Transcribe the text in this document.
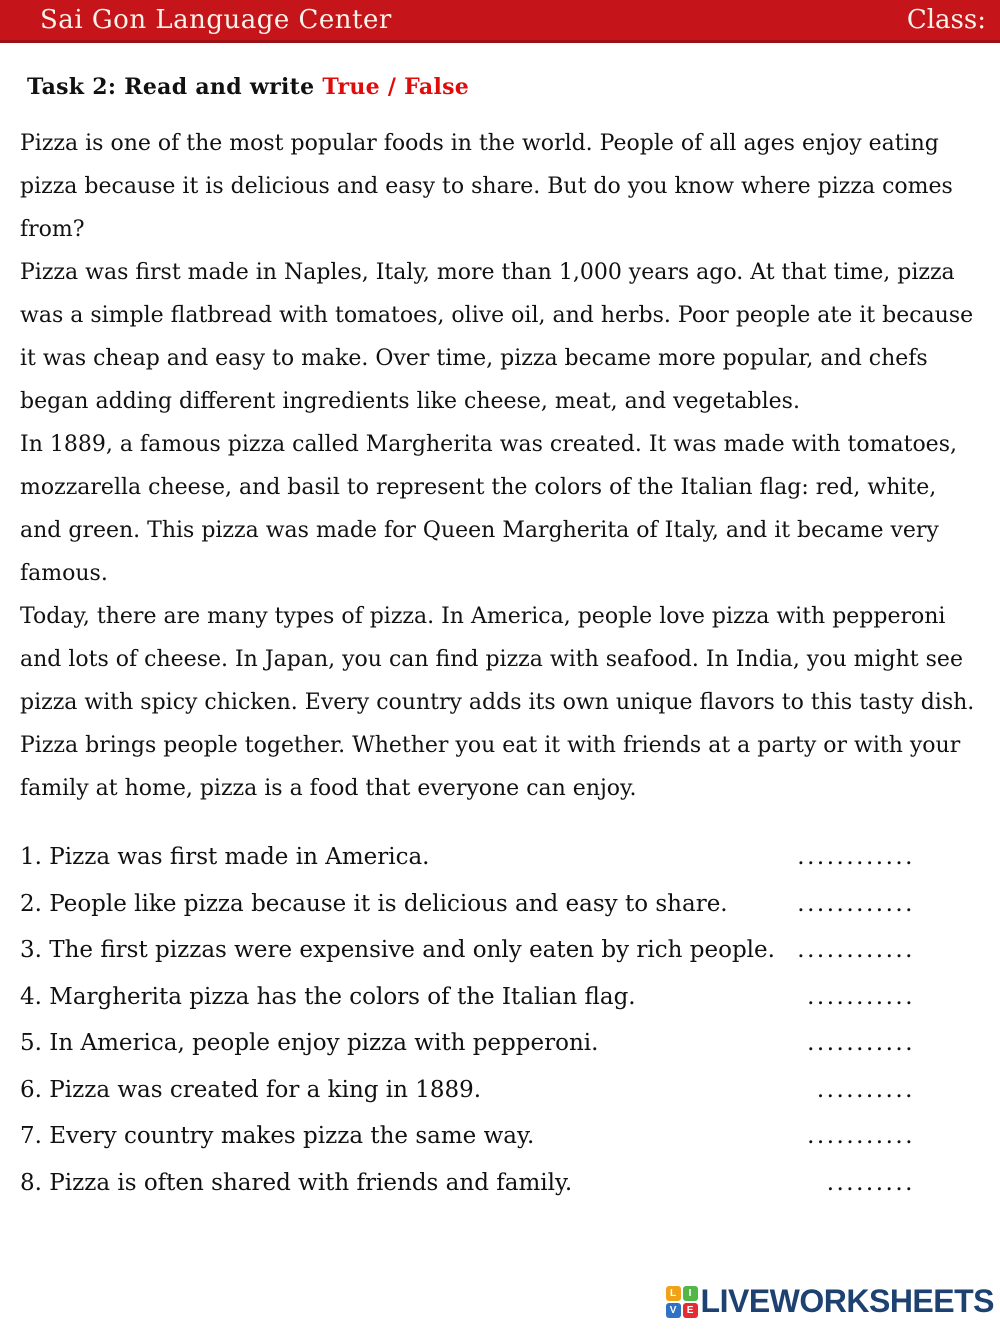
Sai Gon Language Center	Class:
Task 2: Read and write True / False

Pizza is one of the most popular foods in the world. People of all ages enjoy eating pizza because it is delicious and easy to share. But do you know where pizza comes from?

Pizza was first made in Naples, Italy, more than 1,000 years ago. At that time, pizza was a simple flatbread with tomatoes, olive oil, and herbs. Poor people ate it because it was cheap and easy to make. Over time, pizza became more popular, and chefs began adding different ingredients like cheese, meat, and vegetables.

In 1889, a famous pizza called Margherita was created. It was made with tomatoes, mozzarella cheese, and basil to represent the colors of the Italian flag: red, white, and green. This pizza was made for Queen Margherita of Italy, and it became very famous.

Today, there are many types of pizza. In America, people love pizza with pepperoni and lots of cheese. In Japan, you can find pizza with seafood. In India, you might see pizza with spicy chicken. Every country adds its own unique flavors to this tasty dish.

Pizza brings people together. Whether you eat it with friends at a party or with your family at home, pizza is a food that everyone can enjoy.

1. Pizza was first made in America.	............
2. People like pizza because it is delicious and easy to share.	............
3. The first pizzas were expensive and only eaten by rich people. ............
4. Margherita pizza has the colors of the Italian flag.	...........
5. In America, people enjoy pizza with pepperoni.	...........
6. Pizza was created for a king in 1889.	..........
7. Every country makes pizza the same way.	...........
8. Pizza is often shared with friends and family.	.........
L	I
V	E LIVEWORKSHEETS
